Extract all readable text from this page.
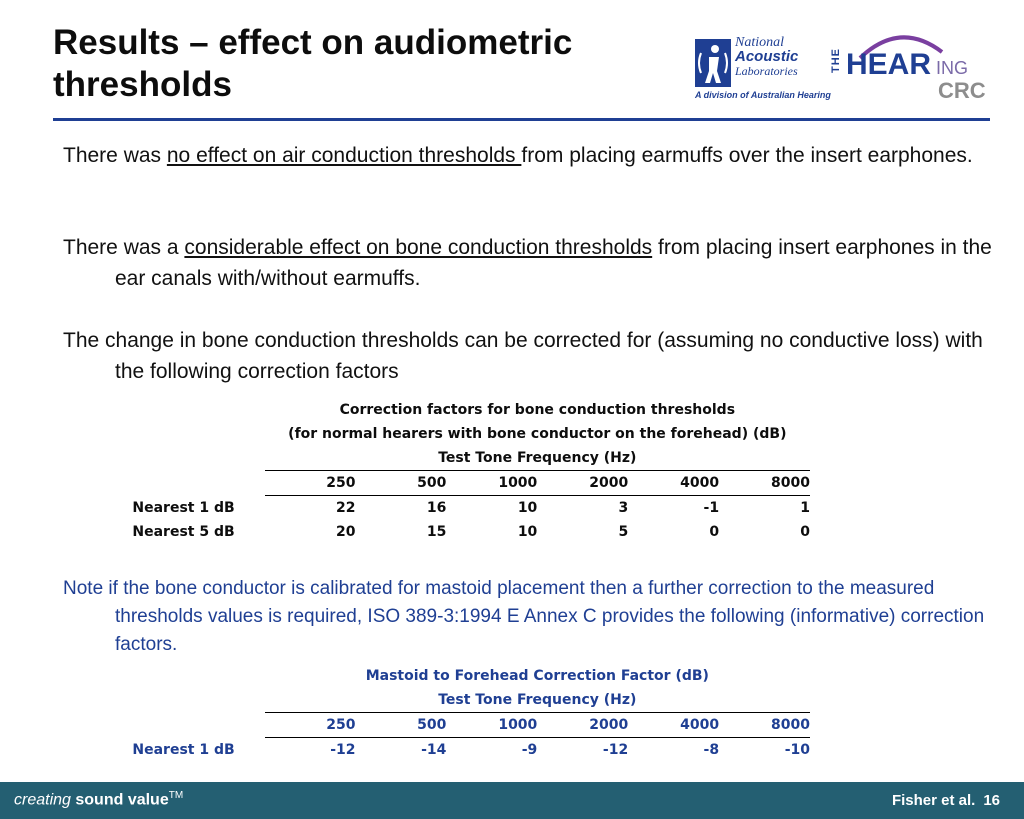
Results – effect on audiometric thresholds
National
Acoustic
Laboratories
A division of Australian Hearing
THE HEAR ING
CRC

There was no effect on air conduction thresholds from placing earmuffs over the insert earphones.

There was a considerable effect on bone conduction thresholds from placing insert earphones in the ear canals with/without earmuffs.

The change in bone conduction thresholds can be corrected for (assuming no conductive loss) with the following correction factors

	Correction factors for bone conduction thresholds					
	(for normal hearers with bone conductor on the forehead) (dB)					
	Test Tone Frequency (Hz)					
	250	500	1000	2000	4000	8000
Nearest 1 dB	22	16	10	3	-1	1
Nearest 5 dB	20	15	10	5	0	0

Note if the bone conductor is calibrated for mastoid placement then a further correction to the measured thresholds values is required, ISO 389-3:1994 E Annex C provides the following (informative) correction factors.

	Mastoid to Forehead Correction Factor (dB)					
	Test Tone Frequency (Hz)					
	250	500	1000	2000	4000	8000
Nearest 1 dB	-12	-14	-9	-12	-8	-10
creating sound value™	Fisher et al. 16
